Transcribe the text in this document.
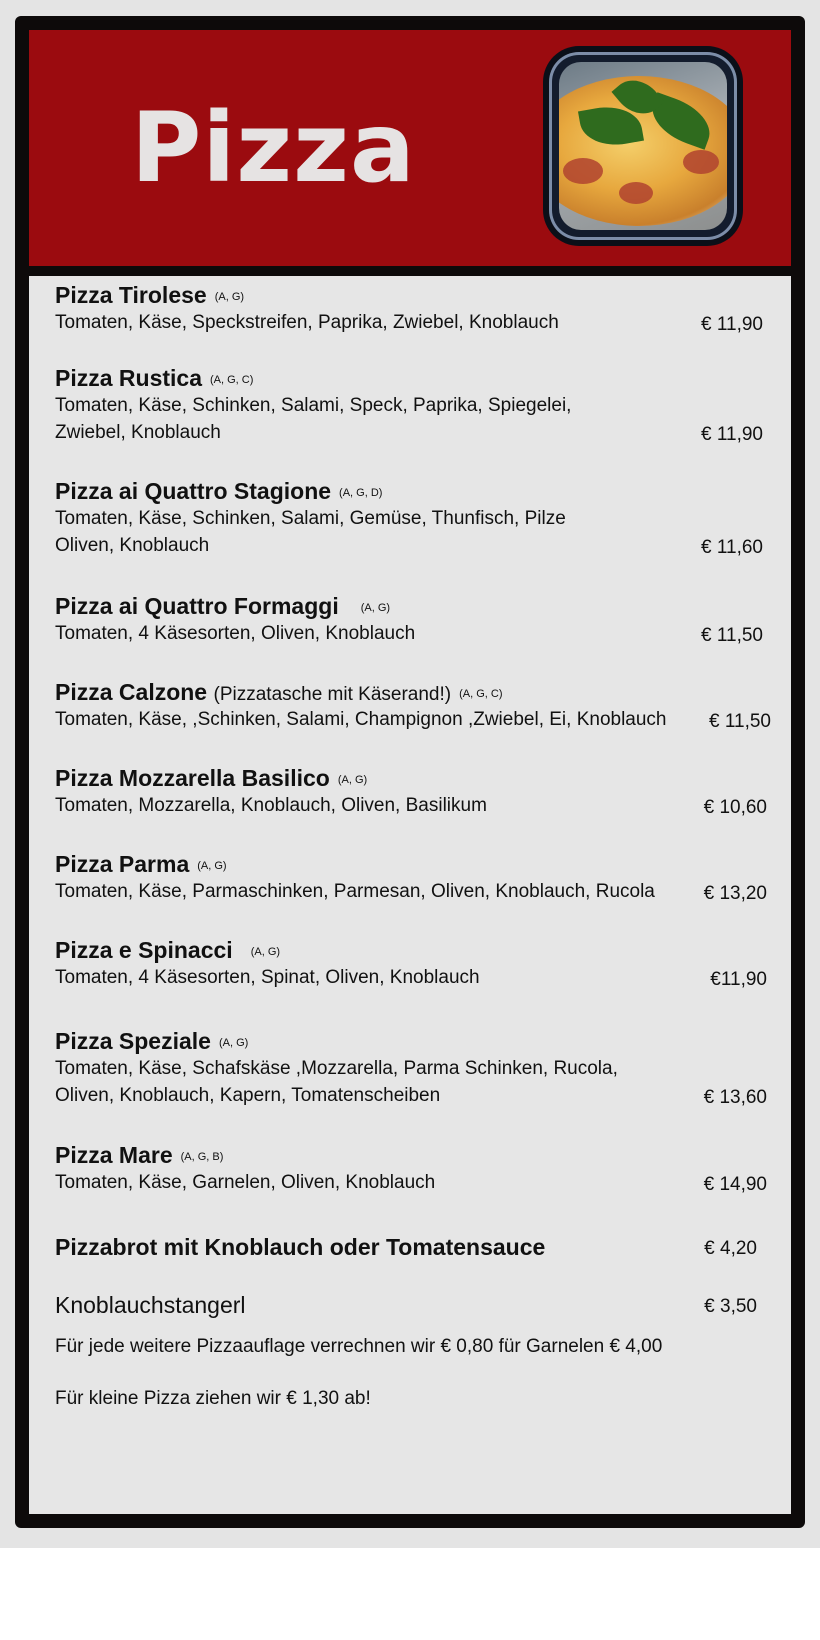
Pizza
Pizza Tirolese (A, G)
Tomaten, Käse, Speckstreifen, Paprika, Zwiebel, Knoblauch	€ 11,90
Pizza Rustica (A, G, C)
Tomaten, Käse, Schinken, Salami, Speck, Paprika, Spiegelei,
Zwiebel, Knoblauch	€ 11,90
Pizza ai Quattro Stagione (A, G, D)
Tomaten, Käse, Schinken, Salami, Gemüse, Thunfisch, Pilze
Oliven, Knoblauch	€ 11,60
Pizza ai Quattro Formaggi (A, G)
Tomaten, 4 Käsesorten, Oliven, Knoblauch	€ 11,50
Pizza Calzone (Pizzatasche mit Käserand!) (A, G, C)
Tomaten, Käse, ,Schinken, Salami, Champignon ,Zwiebel, Ei, Knoblauch	€ 11,50
Pizza Mozzarella Basilico (A, G)
Tomaten, Mozzarella, Knoblauch, Oliven, Basilikum	€ 10,60
Pizza Parma (A, G)
Tomaten, Käse, Parmaschinken, Parmesan, Oliven, Knoblauch, Rucola	€ 13,20
Pizza e Spinacci (A, G)
Tomaten, 4 Käsesorten, Spinat, Oliven, Knoblauch	€11,90
Pizza Speziale (A, G)
Tomaten, Käse, Schafskäse ,Mozzarella, Parma Schinken, Rucola,
Oliven, Knoblauch, Kapern, Tomatenscheiben	€ 13,60
Pizza Mare (A, G, B)
Tomaten, Käse, Garnelen, Oliven, Knoblauch	€ 14,90
Pizzabrot mit Knoblauch oder Tomatensauce	€ 4,20
Knoblauchstangerl	€ 3,50
Für jede weitere Pizzaauflage verrechnen wir € 0,80 für Garnelen € 4,00
Für kleine Pizza ziehen wir € 1,30 ab!
